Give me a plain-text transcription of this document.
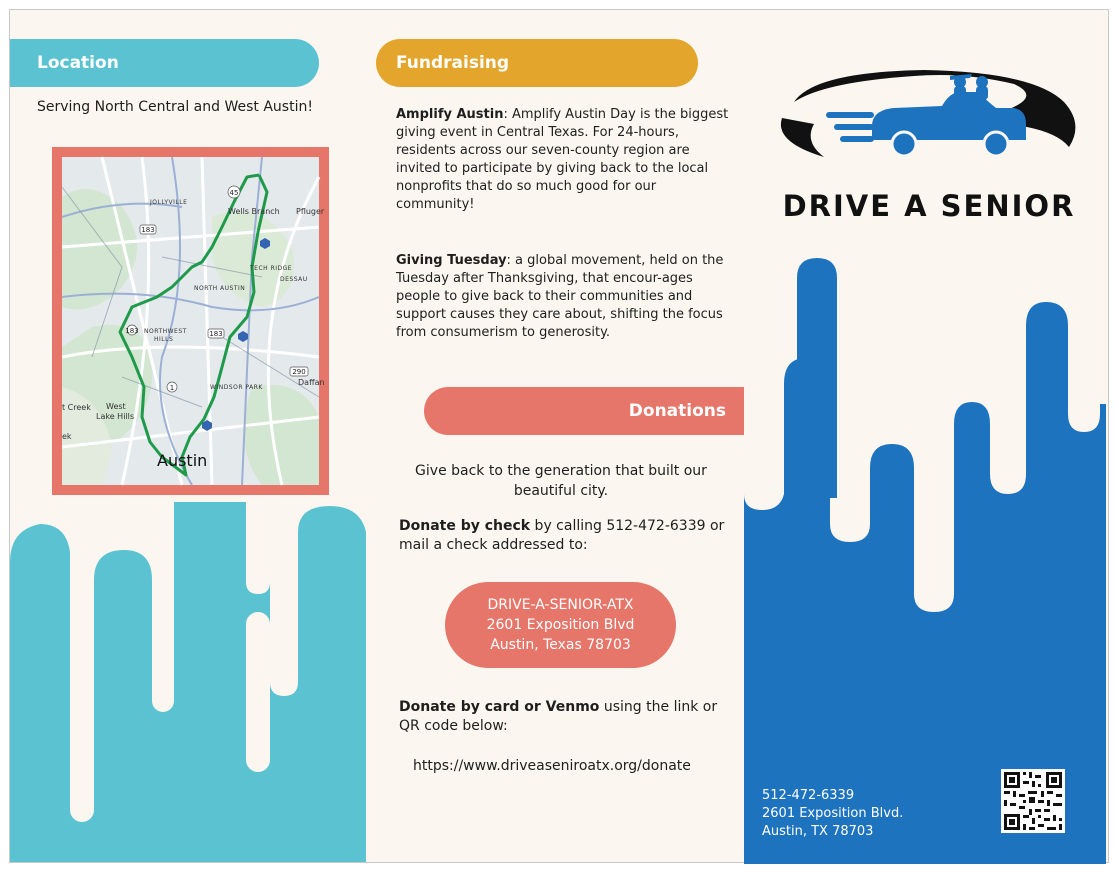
Location
Serving North Central and West Austin!
45
183
183
1
290
183
JOLLYVILLE
Wells Branch Pfluger
TECH RIDGE
DESSAU
NORTH AUSTIN
NORTHWEST
HILLS
WINDSOR PARK
Daffan
t Creek West
Lake Hills
ek
Austin
Fundraising
Amplify Austin: Amplify Austin Day is the biggest giving event in Central Texas. For 24-hours, residents across our seven-county region are invited to participate by giving back to the local nonprofits that do so much good for our community!
Giving Tuesday: a global movement, held on the Tuesday after Thanksgiving, that encour-ages people to give back to their communities and support causes they care about, shifting the focus from consumerism to generosity.
Donations
Give back to the generation that built our beautiful city.
Donate by check by calling 512-472-6339 or mail a check addressed to:
DRIVE-A-SENIOR-ATX
2601 Exposition Blvd
Austin, Texas 78703
Donate by card or Venmo using the link or QR code below:
https://www.driveaseniroatx.org/donate
DRIVE A SENIOR
512-472-6339
2601 Exposition Blvd.
Austin, TX 78703
